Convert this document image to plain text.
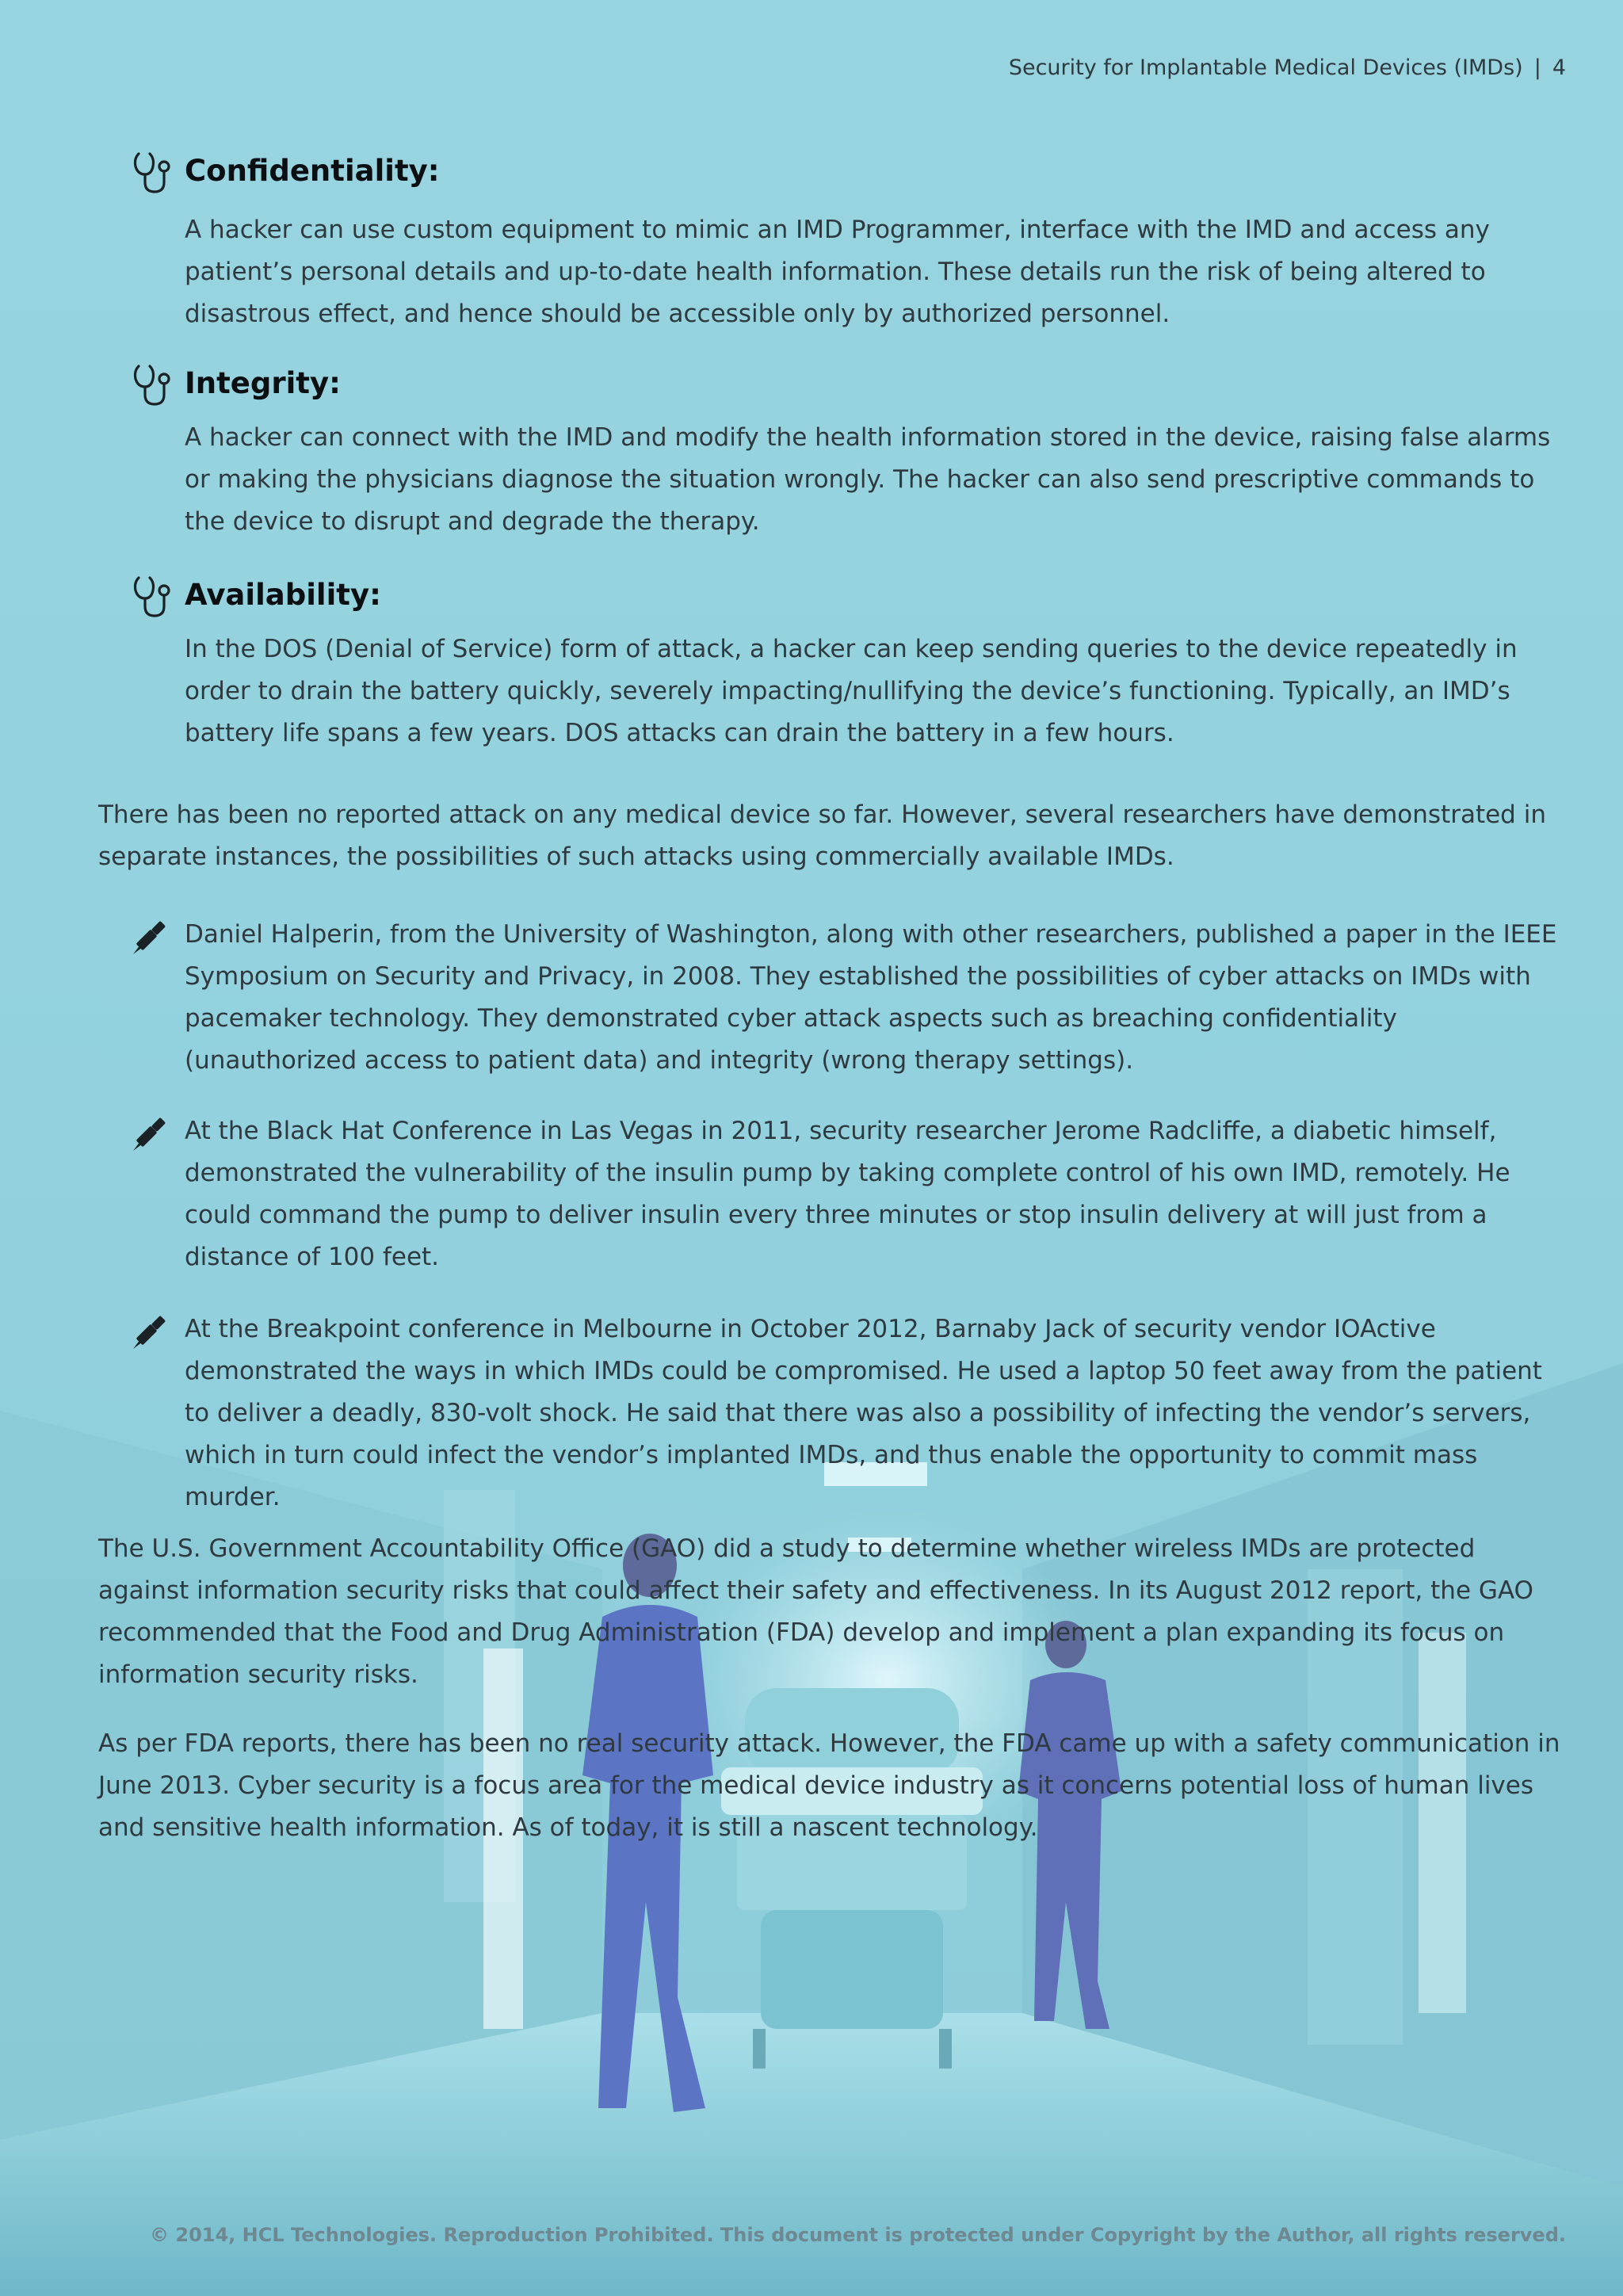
Security for Implantable Medical Devices (IMDs) | 4
Confidentiality:
A hacker can use custom equipment to mimic an IMD Programmer, interface with the IMD and access any patient’s personal details and up-to-date health information. These details run the risk of being altered to disastrous effect, and hence should be accessible only by authorized personnel.
Integrity:
A hacker can connect with the IMD and modify the health information stored in the device, raising false alarms or making the physicians diagnose the situation wrongly. The hacker can also send prescriptive commands to the device to disrupt and degrade the therapy.
Availability:
In the DOS (Denial of Service) form of attack, a hacker can keep sending queries to the device repeatedly in order to drain the battery quickly, severely impacting/nullifying the device’s functioning. Typically, an IMD’s battery life spans a few years. DOS attacks can drain the battery in a few hours.
There has been no reported attack on any medical device so far. However, several researchers have demonstrated in separate instances, the possibilities of such attacks using commercially available IMDs.
Daniel Halperin, from the University of Washington, along with other researchers, published a paper in the IEEE Symposium on Security and Privacy, in 2008. They established the possibilities of cyber attacks on IMDs with pacemaker technology. They demonstrated cyber attack aspects such as breaching confidentiality (unauthorized access to patient data) and integrity (wrong therapy settings).
At the Black Hat Conference in Las Vegas in 2011, security researcher Jerome Radcliffe, a diabetic himself, demonstrated the vulnerability of the insulin pump by taking complete control of his own IMD, remotely. He could command the pump to deliver insulin every three minutes or stop insulin delivery at will just from a distance of 100 feet.
At the Breakpoint conference in Melbourne in October 2012, Barnaby Jack of security vendor IOActive demonstrated the ways in which IMDs could be compromised. He used a laptop 50 feet away from the patient to deliver a deadly, 830-volt shock. He said that there was also a possibility of infecting the vendor’s servers, which in turn could infect the vendor’s implanted IMDs, and thus enable the opportunity to commit mass murder.
The U.S. Government Accountability Office (GAO) did a study to determine whether wireless IMDs are protected against information security risks that could affect their safety and effectiveness. In its August 2012 report, the GAO recommended that the Food and Drug Administration (FDA) develop and implement a plan expanding its focus on information security risks.
As per FDA reports, there has been no real security attack. However, the FDA came up with a safety communication in June 2013. Cyber security is a focus area for the medical device industry as it concerns potential loss of human lives and sensitive health information. As of today, it is still a nascent technology.
© 2014, HCL Technologies. Reproduction Prohibited. This document is protected under Copyright by the Author, all rights reserved.
